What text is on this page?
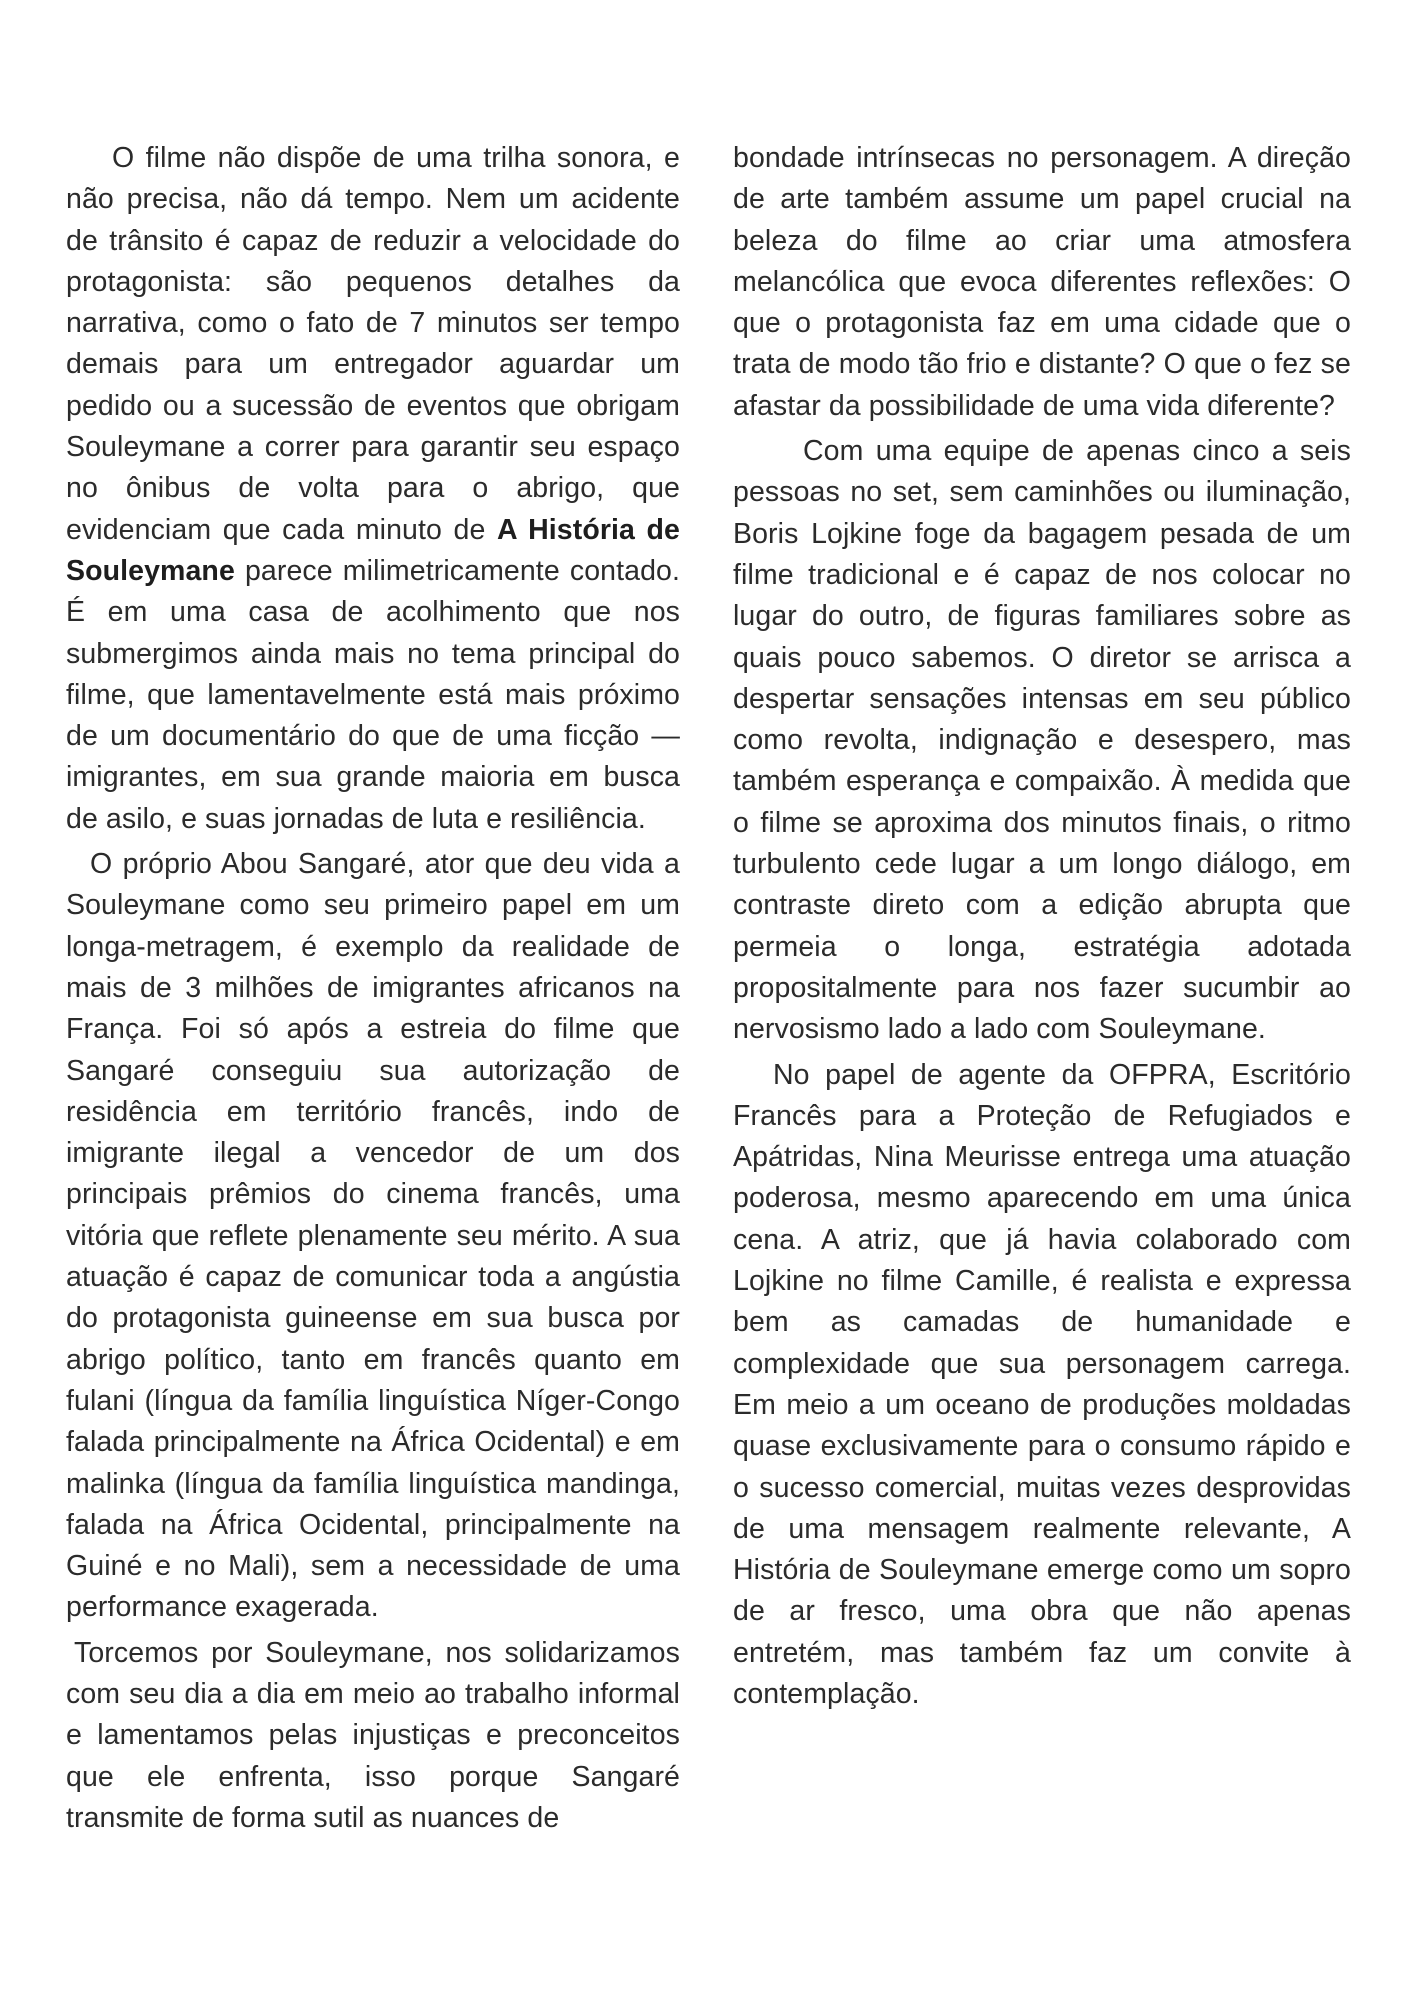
O filme não dispõe de uma trilha sonora, e não precisa, não dá tempo. Nem um acidente de trânsito é capaz de reduzir a velocidade do protagonista: são pequenos detalhes da narrativa, como o fato de 7 minutos ser tempo demais para um entregador aguardar um pedido ou a sucessão de eventos que obrigam Souleymane a correr para garantir seu espaço no ônibus de volta para o abrigo, que evidenciam que cada minuto de A História de Souleymane parece milimetricamente contado. É em uma casa de acolhimento que nos submergimos ainda mais no tema principal do filme, que lamentavelmente está mais próximo de um documentário do que de uma ficção — imigrantes, em sua grande maioria em busca de asilo, e suas jornadas de luta e resiliência.

O próprio Abou Sangaré, ator que deu vida a Souleymane como seu primeiro papel em um longa-metragem, é exemplo da realidade de mais de 3 milhões de imigrantes africanos na França. Foi só após a estreia do filme que Sangaré conseguiu sua autorização de residência em território francês, indo de imigrante ilegal a vencedor de um dos principais prêmios do cinema francês, uma vitória que reflete plenamente seu mérito. A sua atuação é capaz de comunicar toda a angústia do protagonista guineense em sua busca por abrigo político, tanto em francês quanto em fulani (língua da família linguística Níger-Congo falada principalmente na África Ocidental) e em malinka (língua da família linguística mandinga, falada na África Ocidental, principalmente na Guiné e no Mali), sem a necessidade de uma performance exagerada.

Torcemos por Souleymane, nos solidarizamos com seu dia a dia em meio ao trabalho informal e lamentamos pelas injustiças e preconceitos que ele enfrenta, isso porque Sangaré transmite de forma sutil as nuances de

bondade intrínsecas no personagem. A direção de arte também assume um papel crucial na beleza do filme ao criar uma atmosfera melancólica que evoca diferentes reflexões: O que o protagonista faz em uma cidade que o trata de modo tão frio e distante? O que o fez se afastar da possibilidade de uma vida diferente?

Com uma equipe de apenas cinco a seis pessoas no set, sem caminhões ou iluminação, Boris Lojkine foge da bagagem pesada de um filme tradicional e é capaz de nos colocar no lugar do outro, de figuras familiares sobre as quais pouco sabemos. O diretor se arrisca a despertar sensações intensas em seu público como revolta, indignação e desespero, mas também esperança e compaixão. À medida que o filme se aproxima dos minutos finais, o ritmo turbulento cede lugar a um longo diálogo, em contraste direto com a edição abrupta que permeia o longa, estratégia adotada propositalmente para nos fazer sucumbir ao nervosismo lado a lado com Souleymane.

No papel de agente da OFPRA, Escritório Francês para a Proteção de Refugiados e Apátridas, Nina Meurisse entrega uma atuação poderosa, mesmo aparecendo em uma única cena. A atriz, que já havia colaborado com Lojkine no filme Camille, é realista e expressa bem as camadas de humanidade e complexidade que sua personagem carrega. Em meio a um oceano de produções moldadas quase exclusivamente para o consumo rápido e o sucesso comercial, muitas vezes desprovidas de uma mensagem realmente relevante, A História de Souleymane emerge como um sopro de ar fresco, uma obra que não apenas entretém, mas também faz um convite à contemplação.
